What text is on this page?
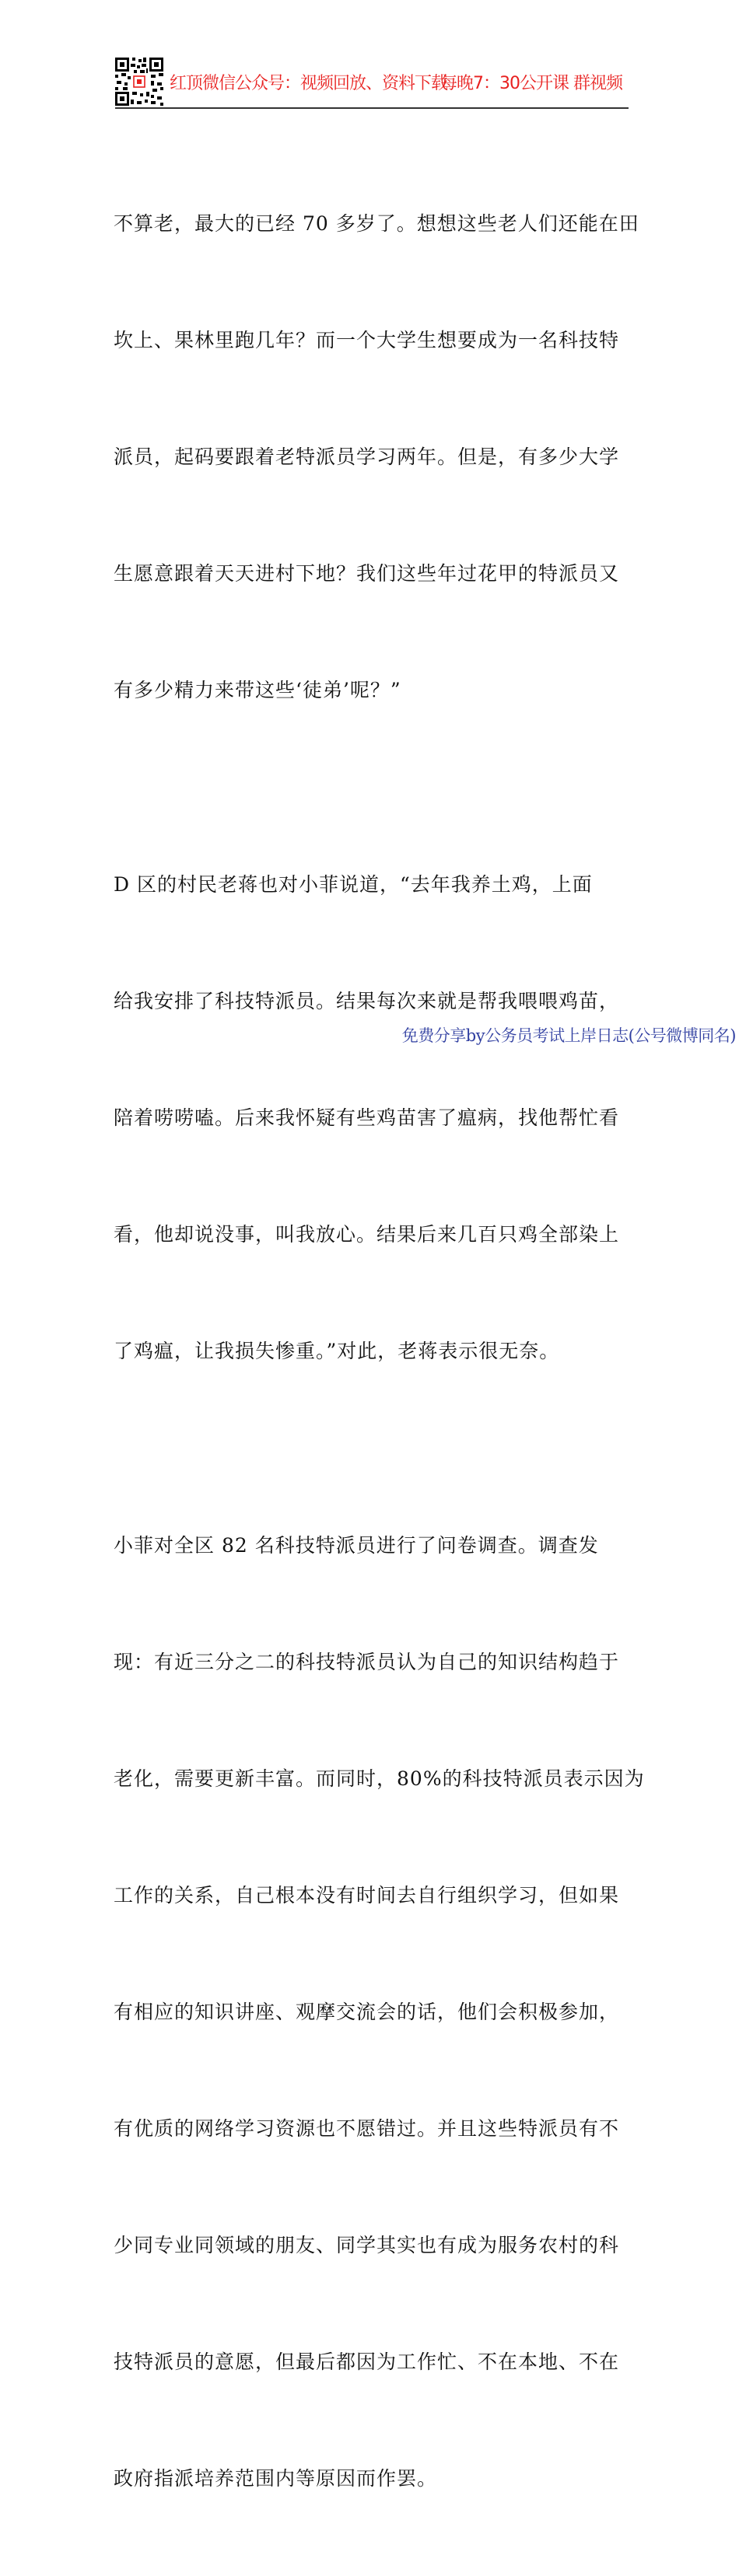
红顶微信公众号：视频回放、资料下载
每晚7：30公开课 群视频

不算老，最大的已经 70 多岁了。想想这些老人们还能在田

坎上、果林里跑几年？而一个大学生想要成为一名科技特

派员，起码要跟着老特派员学习两年。但是，有多少大学

生愿意跟着天天进村下地？我们这些年过花甲的特派员又

有多少精力来带这些‘徒弟’呢？”

D 区的村民老蒋也对小菲说道，“去年我养土鸡，上面

给我安排了科技特派员。结果每次来就是帮我喂喂鸡苗，

陪着唠唠嗑。后来我怀疑有些鸡苗害了瘟病，找他帮忙看

看，他却说没事，叫我放心。结果后来几百只鸡全部染上

了鸡瘟，让我损失惨重。”对此，老蒋表示很无奈。

小菲对全区 82 名科技特派员进行了问卷调查。调查发

现：有近三分之二的科技特派员认为自己的知识结构趋于

老化，需要更新丰富。而同时，80%的科技特派员表示因为

工作的关系，自己根本没有时间去自行组织学习，但如果

有相应的知识讲座、观摩交流会的话，他们会积极参加，

有优质的网络学习资源也不愿错过。并且这些特派员有不

少同专业同领域的朋友、同学其实也有成为服务农村的科

技特派员的意愿，但最后都因为工作忙、不在本地、不在

政府指派培养范围内等原因而作罢。

免费分享by公务员考试上岸日志(公号微博同名)
